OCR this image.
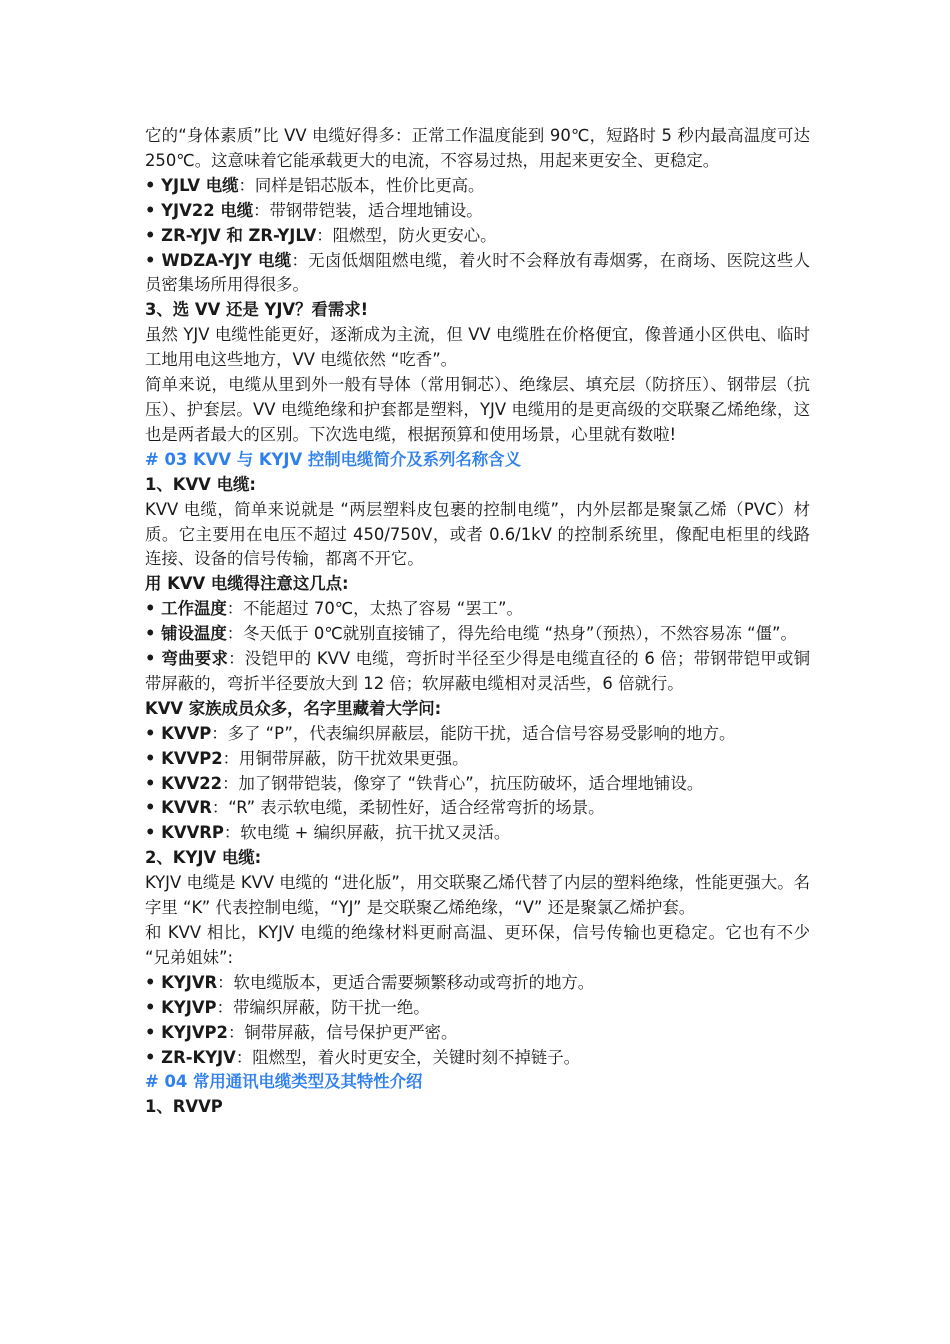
它的“身体素质”比 VV 电缆好得多：正常工作温度能到 90℃，短路时 5 秒内最高温度可达 250℃。这意味着它能承载更大的电流，不容易过热，用起来更安全、更稳定。

• YJLV 电缆：同样是铝芯版本，性价比更高。

• YJV22 电缆：带钢带铠装，适合埋地铺设。

• ZR-YJV 和 ZR-YJLV：阻燃型，防火更安心。

• WDZA-YJY 电缆：无卤低烟阻燃电缆，着火时不会释放有毒烟雾，在商场、医院这些人员密集场所用得很多。

3、选 VV 还是 YJV？看需求!

虽然 YJV 电缆性能更好，逐渐成为主流，但 VV 电缆胜在价格便宜，像普通小区供电、临时工地用电这些地方，VV 电缆依然 “吃香”。

简单来说，电缆从里到外一般有导体（常用铜芯）、绝缘层、填充层（防挤压）、钢带层（抗压）、护套层。VV 电缆绝缘和护套都是塑料，YJV 电缆用的是更高级的交联聚乙烯绝缘，这也是两者最大的区别。下次选电缆，根据预算和使用场景，心里就有数啦!

# 03 KVV 与 KYJV 控制电缆简介及系列名称含义

1、KVV 电缆:

KVV 电缆，简单来说就是 “两层塑料皮包裹的控制电缆”，内外层都是聚氯乙烯（PVC）材质。它主要用在电压不超过 450/750V，或者 0.6/1kV 的控制系统里，像配电柜里的线路连接、设备的信号传输，都离不开它。

用 KVV 电缆得注意这几点:

• 工作温度：不能超过 70℃，太热了容易 “罢工”。

• 铺设温度：冬天低于 0℃就别直接铺了，得先给电缆 “热身”（预热），不然容易冻 “僵”。

• 弯曲要求：没铠甲的 KVV 电缆，弯折时半径至少得是电缆直径的 6 倍；带钢带铠甲或铜带屏蔽的，弯折半径要放大到 12 倍；软屏蔽电缆相对灵活些，6 倍就行。

KVV 家族成员众多，名字里藏着大学问:

• KVVP：多了 “P”，代表编织屏蔽层，能防干扰，适合信号容易受影响的地方。

• KVVP2：用铜带屏蔽，防干扰效果更强。

• KVV22：加了钢带铠装，像穿了 “铁背心”，抗压防破坏，适合埋地铺设。

• KVVR：“R” 表示软电缆，柔韧性好，适合经常弯折的场景。

• KVVRP：软电缆 + 编织屏蔽，抗干扰又灵活。

2、KYJV 电缆:

KYJV 电缆是 KVV 电缆的 “进化版”，用交联聚乙烯代替了内层的塑料绝缘，性能更强大。名字里 “K” 代表控制电缆，“YJ” 是交联聚乙烯绝缘，“V” 还是聚氯乙烯护套。

和 KVV 相比，KYJV 电缆的绝缘材料更耐高温、更环保，信号传输也更稳定。它也有不少 “兄弟姐妹”:

• KYJVR：软电缆版本，更适合需要频繁移动或弯折的地方。

• KYJVP：带编织屏蔽，防干扰一绝。

• KYJVP2：铜带屏蔽，信号保护更严密。

• ZR-KYJV：阻燃型，着火时更安全，关键时刻不掉链子。

# 04 常用通讯电缆类型及其特性介绍

1、RVVP
